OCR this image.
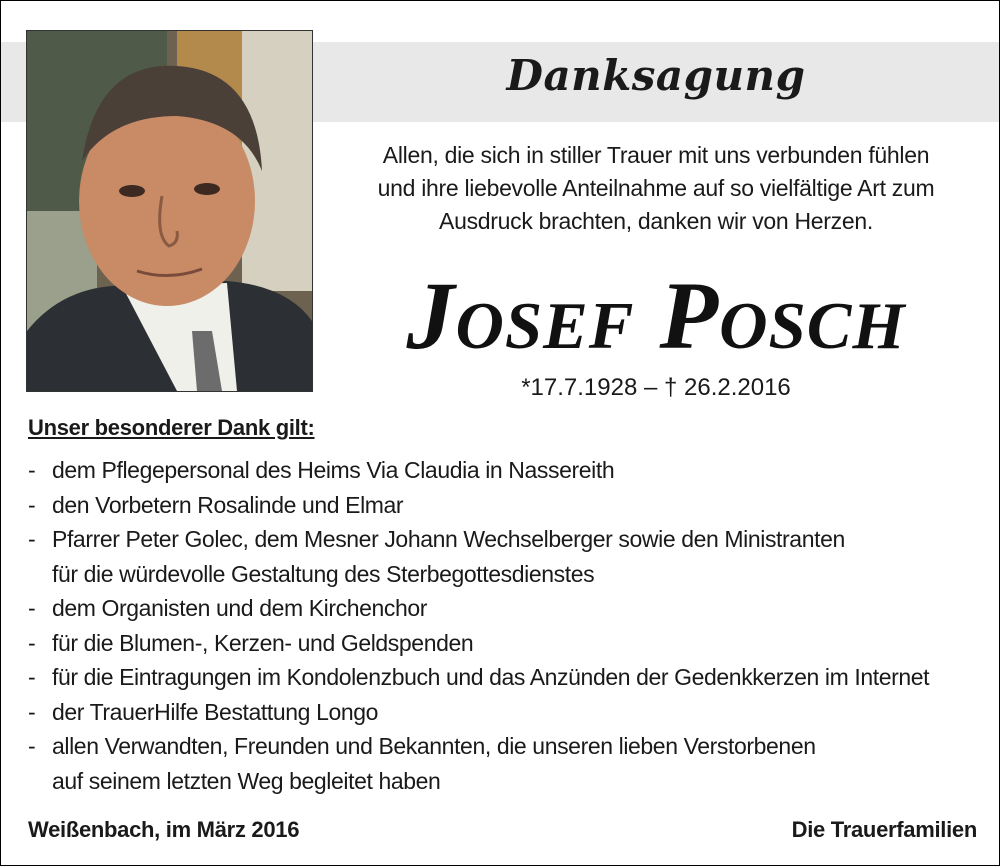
Danksagung
Allen, die sich in stiller Trauer mit uns verbunden fühlen
und ihre liebevolle Anteilnahme auf so vielfältige Art zum
Ausdruck brachten, danken wir von Herzen.
Josef Posch
*17.7.1928 – † 26.2.2016
Unser besonderer Dank gilt:
- dem Pflegepersonal des Heims Via Claudia in Nassereith
- den Vorbetern Rosalinde und Elmar
- Pfarrer Peter Golec, dem Mesner Johann Wechselberger sowie den Ministranten
für die würdevolle Gestaltung des Sterbegottesdienstes
- dem Organisten und dem Kirchenchor
- für die Blumen-, Kerzen- und Geldspenden
- für die Eintragungen im Kondolenzbuch und das Anzünden der Gedenkkerzen im Internet
- der TrauerHilfe Bestattung Longo
- allen Verwandten, Freunden und Bekannten, die unseren lieben Verstorbenen
auf seinem letzten Weg begleitet haben
Weißenbach, im März 2016	Die Trauerfamilien
